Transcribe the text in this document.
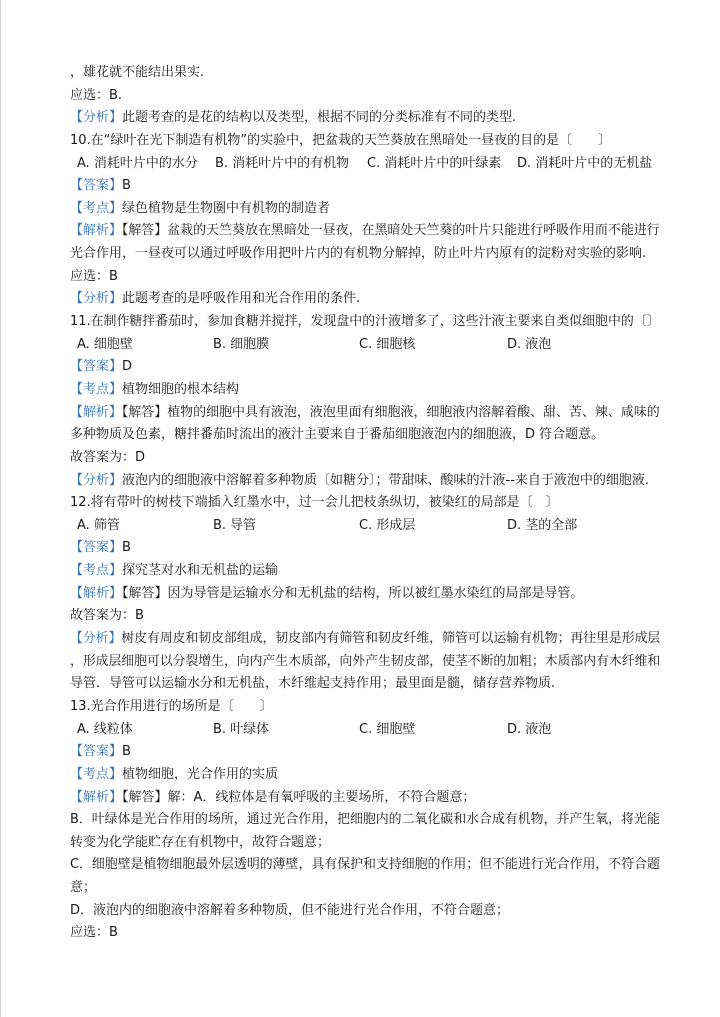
，雄花就不能结出果实.
应选：B.
【分析】此题考查的是花的结构以及类型，根据不同的分类标准有不同的类型.
10.在“绿叶在光下制造有机物”的实验中，把盆栽的天竺葵放在黑暗处一昼夜的目的是〔　　〕
A. 消耗叶片中的水分	B. 消耗叶片中的有机物	C. 消耗叶片中的叶绿素	D. 消耗叶片中的无机盐
【答案】B
【考点】绿色植物是生物圈中有机物的制造者
【解析】【解答】盆栽的天竺葵放在黑暗处一昼夜，在黑暗处天竺葵的叶片只能进行呼吸作用而不能进行
光合作用，一昼夜可以通过呼吸作用把叶片内的有机物分解掉，防止叶片内原有的淀粉对实验的影响.
应选：B
【分析】此题考查的是呼吸作用和光合作用的条件.
11.在制作糖拌番茄时，参加食糖并搅拌，发现盘中的汁液增多了，这些汁液主要来自类似细胞中的〔〕
A. 细胞壁	B. 细胞膜	C. 细胞核	D. 液泡
【答案】D
【考点】植物细胞的根本结构
【解析】【解答】植物的细胞中具有液泡，液泡里面有细胞液，细胞液内溶解着酸、甜、苦、辣、咸味的
多种物质及色素，糖拌番茄时流出的液汁主要来自于番茄细胞液泡内的细胞液，D 符合题意。
故答案为：D
【分析】液泡内的细胞液中溶解着多种物质〔如糖分〕；带甜味、酸味的汁液--来自于液泡中的细胞液.
12.将有带叶的树枝下端插入红墨水中，过一会儿把枝条纵切，被染红的局部是〔　〕
A. 筛管	B. 导管	C. 形成层	D. 茎的全部
【答案】B
【考点】探究茎对水和无机盐的运输
【解析】【解答】因为导管是运输水分和无机盐的结构，所以被红墨水染红的局部是导管。
故答案为：B
【分析】树皮有周皮和韧皮部组成，韧皮部内有筛管和韧皮纤维，筛管可以运输有机物；再往里是形成层
，形成层细胞可以分裂增生，向内产生木质部，向外产生韧皮部，使茎不断的加粗；木质部内有木纤维和
导管．导管可以运输水分和无机盐，木纤维起支持作用；最里面是髓，储存营养物质.
13.光合作用进行的场所是〔　　〕
A. 线粒体	B. 叶绿体	C. 细胞壁	D. 液泡
【答案】B
【考点】植物细胞，光合作用的实质
【解析】【解答】解：A．线粒体是有氧呼吸的主要场所，不符合题意；
B．叶绿体是光合作用的场所，通过光合作用，把细胞内的二氧化碳和水合成有机物，并产生氧，将光能
转变为化学能贮存在有机物中，故符合题意；
C．细胞壁是植物细胞最外层透明的薄壁，具有保护和支持细胞的作用；但不能进行光合作用，不符合题
意；
D．液泡内的细胞液中溶解着多种物质，但不能进行光合作用，不符合题意；
应选：B
